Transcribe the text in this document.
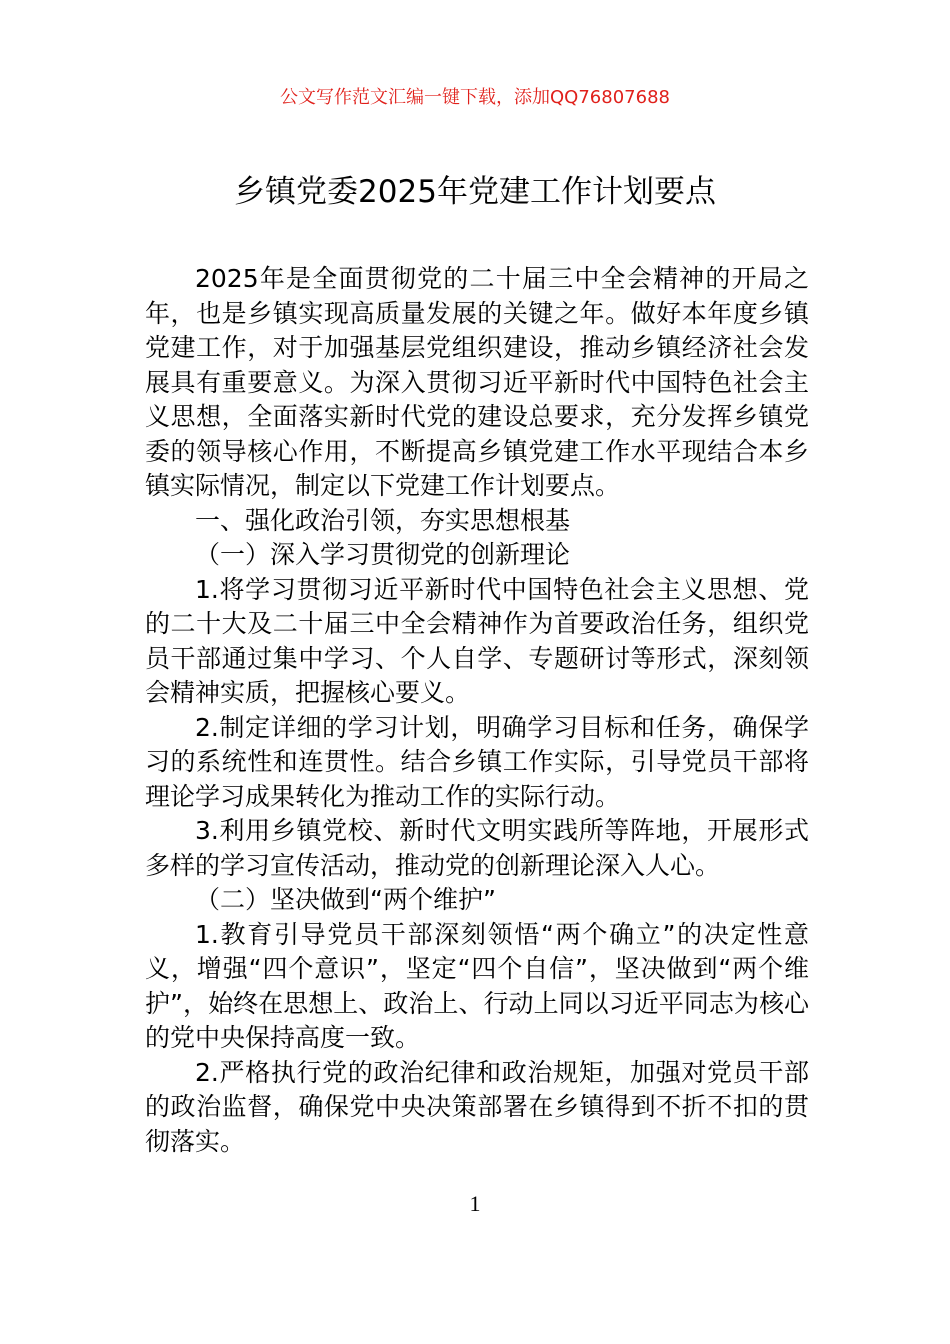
公文写作范文汇编一键下载，添加QQ76807688
乡镇党委2025年党建工作计划要点

2025年是全面贯彻党的二十届三中全会精神的开局之年，也是乡镇实现高质量发展的关键之年。做好本年度乡镇党建工作，对于加强基层党组织建设，推动乡镇经济社会发展具有重要意义。为深入贯彻习近平新时代中国特色社会主义思想，全面落实新时代党的建设总要求，充分发挥乡镇党委的领导核心作用，不断提高乡镇党建工作水平现结合本乡镇实际情况，制定以下党建工作计划要点。

一、强化政治引领，夯实思想根基

（一）深入学习贯彻党的创新理论

1.将学习贯彻习近平新时代中国特色社会主义思想、党的二十大及二十届三中全会精神作为首要政治任务，组织党员干部通过集中学习、个人自学、专题研讨等形式，深刻领会精神实质，把握核心要义。

2.制定详细的学习计划，明确学习目标和任务，确保学习的系统性和连贯性。结合乡镇工作实际，引导党员干部将理论学习成果转化为推动工作的实际行动。

3.利用乡镇党校、新时代文明实践所等阵地，开展形式多样的学习宣传活动，推动党的创新理论深入人心。

（二）坚决做到“两个维护”

1.教育引导党员干部深刻领悟“两个确立”的决定性意义，增强“四个意识”，坚定“四个自信”，坚决做到“两个维护”，始终在思想上、政治上、行动上同以习近平同志为核心的党中央保持高度一致。

2.严格执行党的政治纪律和政治规矩，加强对党员干部的政治监督，确保党中央决策部署在乡镇得到不折不扣的贯彻落实。

1
